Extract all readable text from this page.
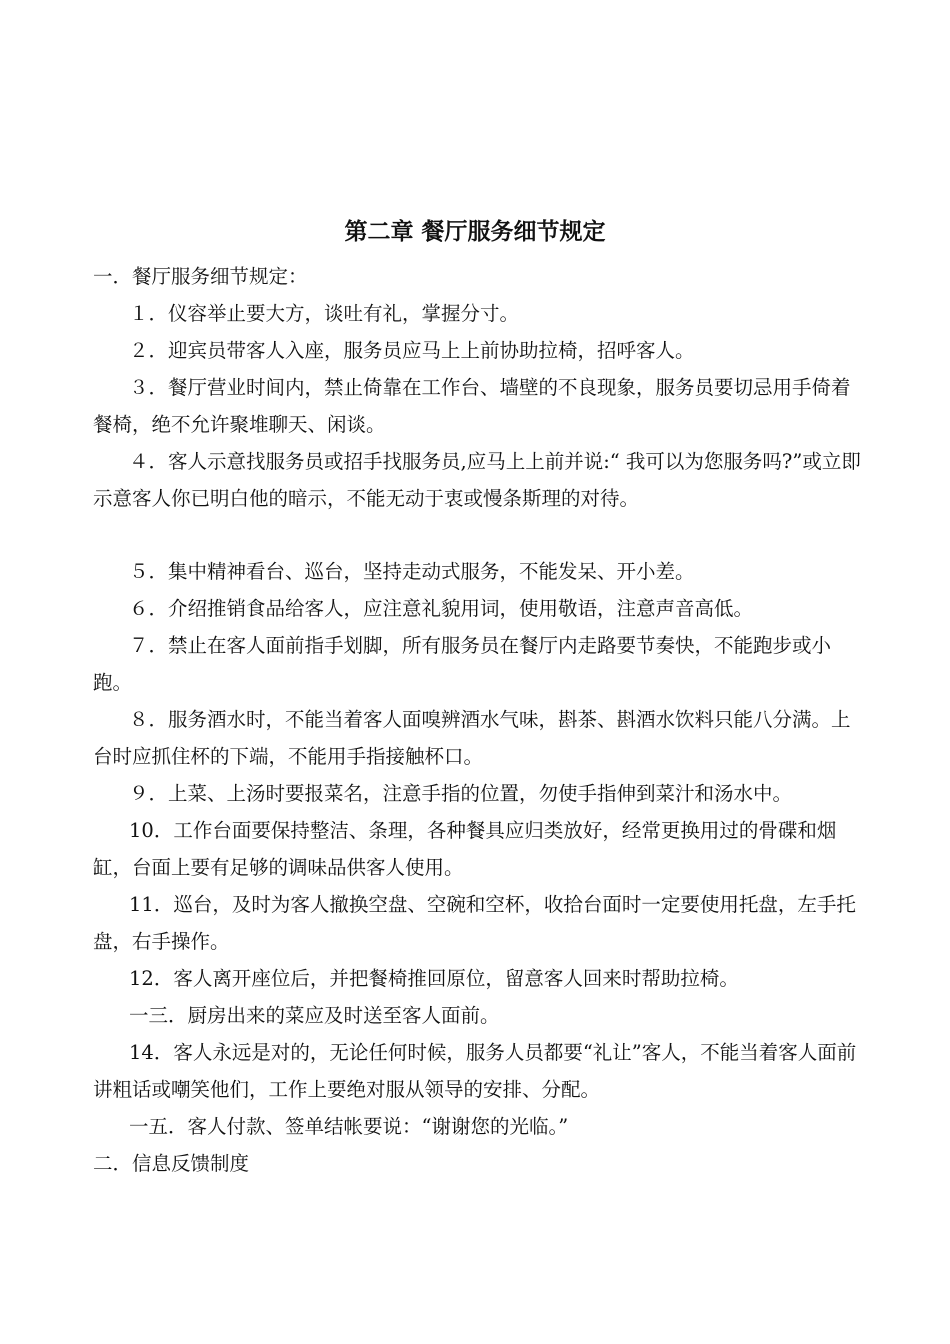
第二章 餐厅服务细节规定

一．餐厅服务细节规定：

１．仪容举止要大方，谈吐有礼，掌握分寸。

２．迎宾员带客人入座，服务员应马上上前协助拉椅，招呼客人。

３．餐厅营业时间内，禁止倚靠在工作台、墙壁的不良现象，服务员要切忌用手倚着餐椅，绝不允许聚堆聊天、闲谈。

４．客人示意找服务员或招手找服务员,应马上上前并说:“ 我可以为您服务吗?”或立即示意客人你已明白他的暗示，不能无动于衷或慢条斯理的对待。

５．集中精神看台、巡台，坚持走动式服务，不能发呆、开小差。

６．介绍推销食品给客人，应注意礼貌用词，使用敬语，注意声音高低。

７．禁止在客人面前指手划脚，所有服务员在餐厅内走路要节奏快，不能跑步或小跑。

８．服务酒水时，不能当着客人面嗅辨酒水气味，斟茶、斟酒水饮料只能八分满。上台时应抓住杯的下端，不能用手指接触杯口。

９．上菜、上汤时要报菜名，注意手指的位置，勿使手指伸到菜汁和汤水中。

10．工作台面要保持整洁、条理，各种餐具应归类放好，经常更换用过的骨碟和烟缸，台面上要有足够的调味品供客人使用。

11．巡台，及时为客人撤换空盘、空碗和空杯，收拾台面时一定要使用托盘，左手托盘，右手操作。

12．客人离开座位后，并把餐椅推回原位，留意客人回来时帮助拉椅。

一三．厨房出来的菜应及时送至客人面前。

14．客人永远是对的，无论任何时候，服务人员都要“礼让”客人，不能当着客人面前讲粗话或嘲笑他们，工作上要绝对服从领导的安排、分配。

一五．客人付款、签单结帐要说：“谢谢您的光临。”

二．信息反馈制度
